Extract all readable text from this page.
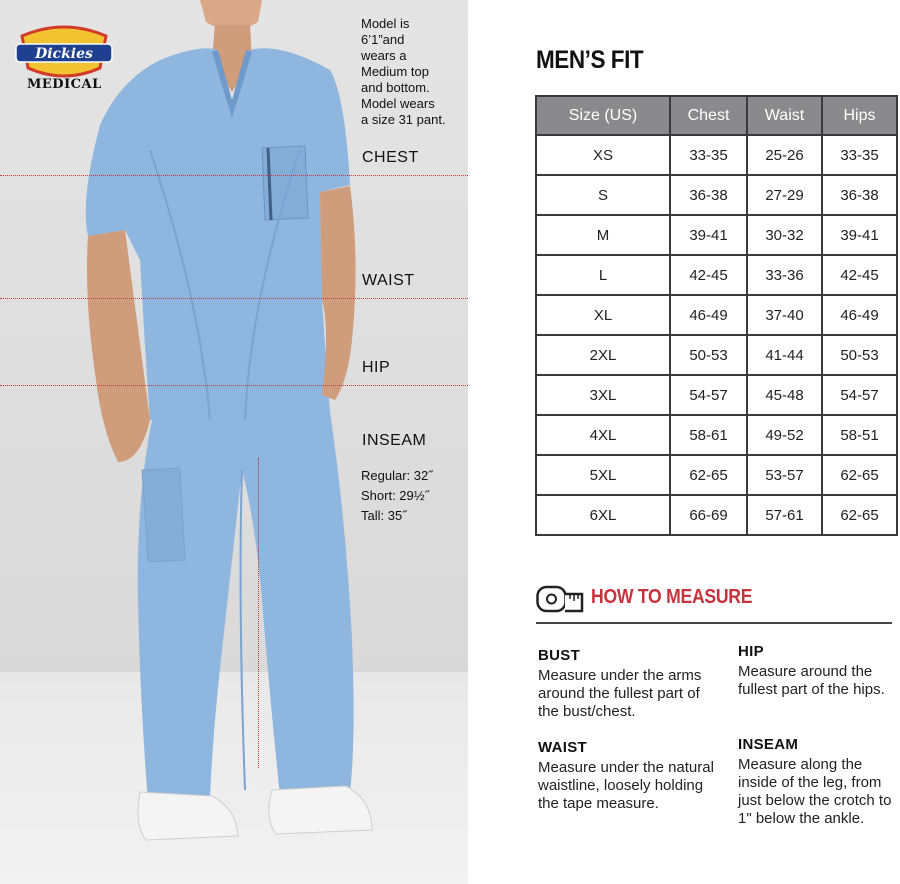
Dickies
MEDICAL
Model is
6’1”and
wears a
Medium top
and bottom.
Model wears
a size 31 pant.
CHEST
WAIST
HIP
INSEAM
Regular: 32˝
Short: 29½˝
Tall: 35˝
MEN’S FIT
Size (US)	Chest	Waist	Hips
XS	33-35	25-26	33-35
S	36-38	27-29	36-38
M	39-41	30-32	39-41
L	42-45	33-36	42-45
XL	46-49	37-40	46-49
2XL	50-53	41-44	50-53
3XL	54-57	45-48	54-57
4XL	58-61	49-52	58-51
5XL	62-65	53-57	62-65
6XL	66-69	57-61	62-65
HOW TO MEASURE
BUST
Measure under the arms around the fullest part of the bust/chest.
HIP
Measure around the fullest part of the hips.
WAIST
Measure under the natural waistline, loosely holding the tape measure.
INSEAM
Measure along the inside of the leg, from just below the crotch to 1" below the ankle.
